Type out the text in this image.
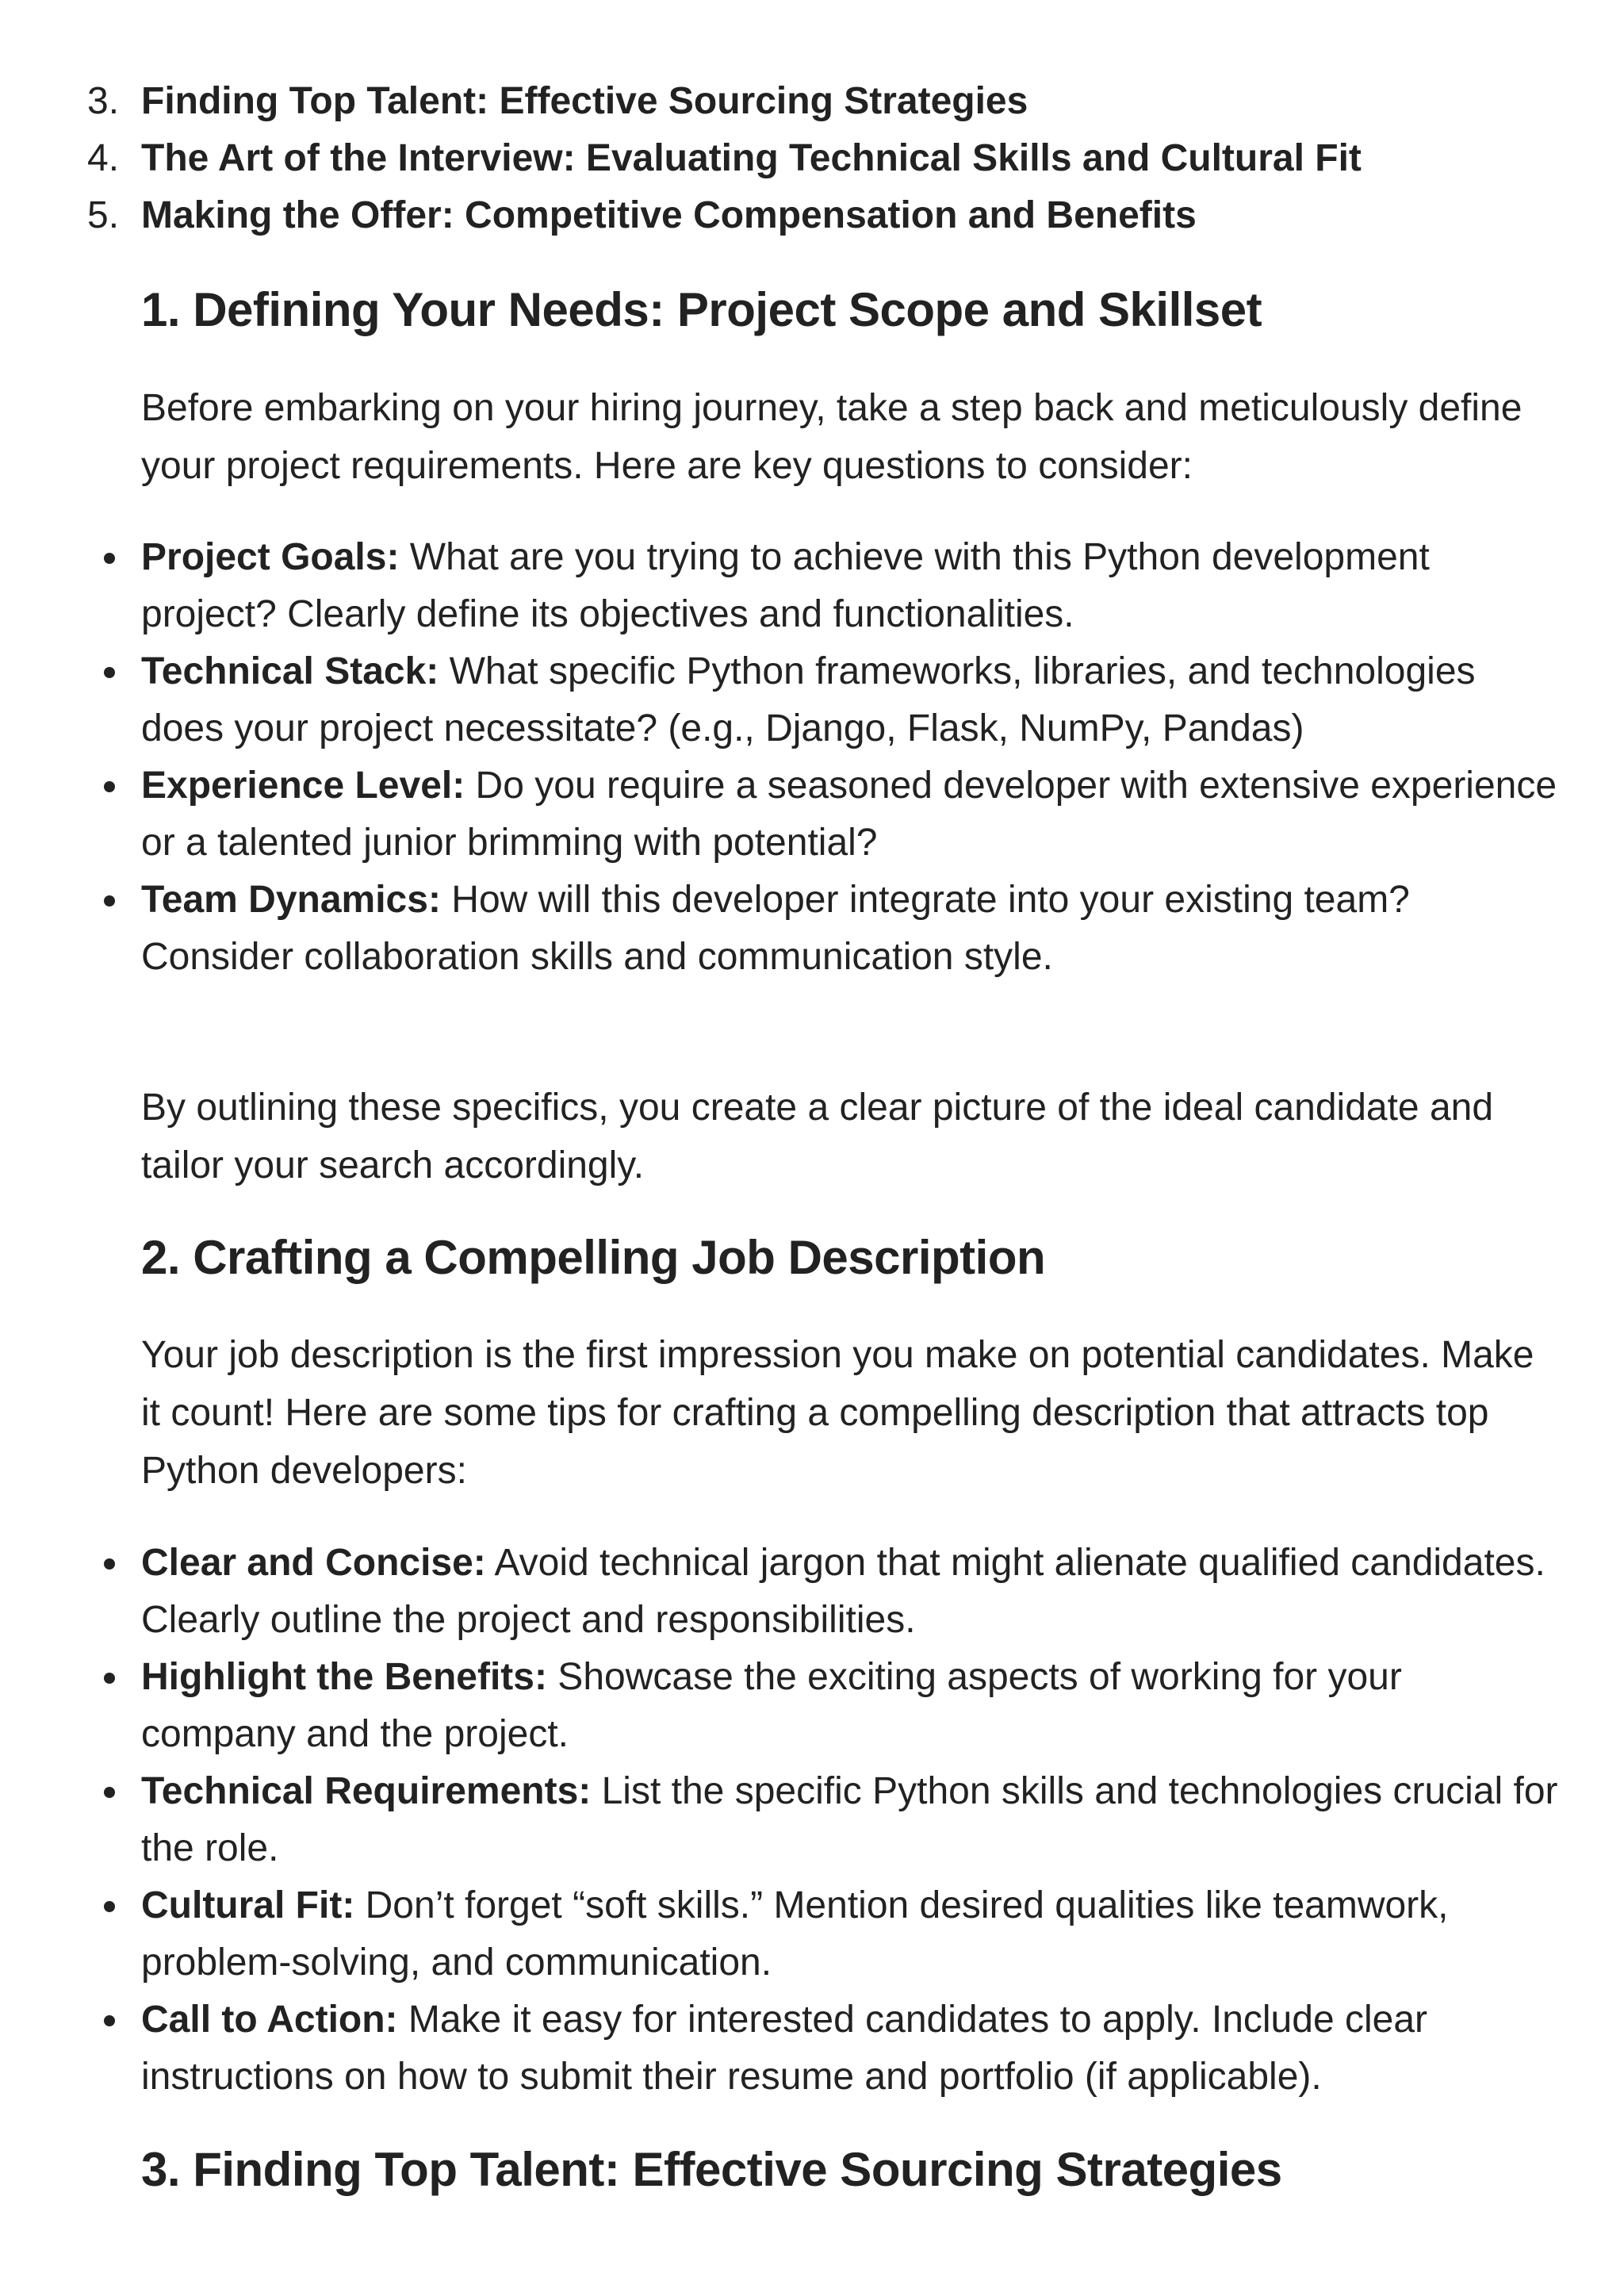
3. Finding Top Talent: Effective Sourcing Strategies
4. The Art of the Interview: Evaluating Technical Skills and Cultural Fit
5. Making the Offer: Competitive Compensation and Benefits
1. Defining Your Needs: Project Scope and Skillset

Before embarking on your hiring journey, take a step back and meticulously define your project requirements. Here are key questions to consider:

Project Goals: What are you trying to achieve with this Python development project? Clearly define its objectives and functionalities.
Technical Stack: What specific Python frameworks, libraries, and technologies does your project necessitate? (e.g., Django, Flask, NumPy, Pandas)
Experience Level: Do you require a seasoned developer with extensive experience or a talented junior brimming with potential?
Team Dynamics: How will this developer integrate into your existing team? Consider collaboration skills and communication style.

By outlining these specifics, you create a clear picture of the ideal candidate and tailor your search accordingly.

2. Crafting a Compelling Job Description

Your job description is the first impression you make on potential candidates. Make it count! Here are some tips for crafting a compelling description that attracts top Python developers:

Clear and Concise: Avoid technical jargon that might alienate qualified candidates. Clearly outline the project and responsibilities.
Highlight the Benefits: Showcase the exciting aspects of working for your company and the project.
Technical Requirements: List the specific Python skills and technologies crucial for the role.
Cultural Fit: Don’t forget “soft skills.” Mention desired qualities like teamwork, problem-solving, and communication.
Call to Action: Make it easy for interested candidates to apply. Include clear instructions on how to submit their resume and portfolio (if applicable).
3. Finding Top Talent: Effective Sourcing Strategies
